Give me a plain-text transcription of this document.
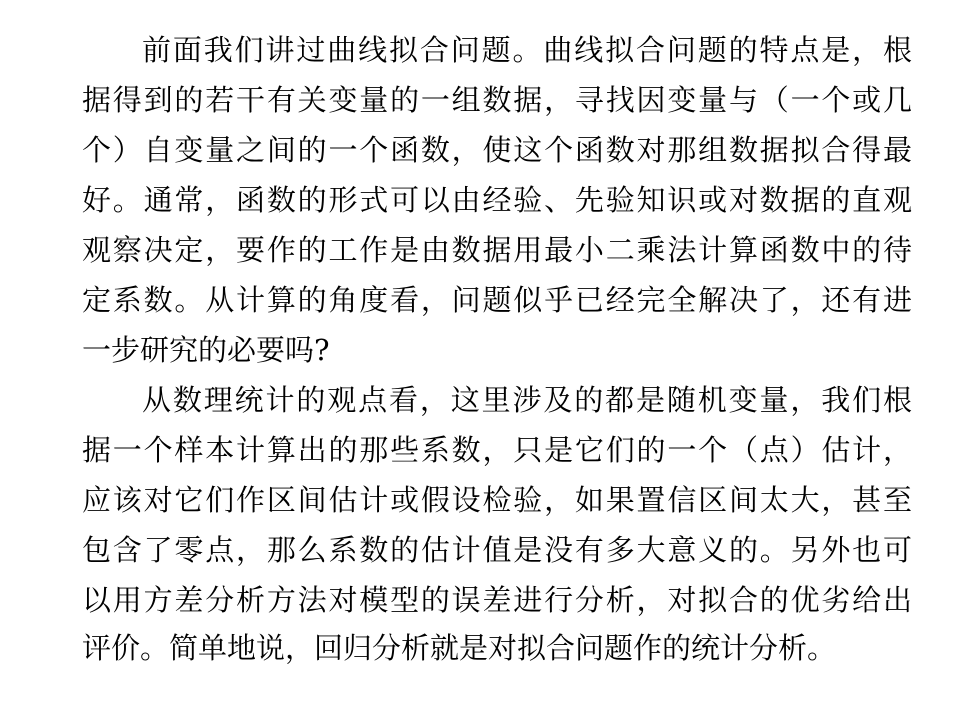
前面我们讲过曲线拟合问题。曲线拟合问题的特点是，根
据得到的若干有关变量的一组数据，寻找因变量与（一个或几
个）自变量之间的一个函数，使这个函数对那组数据拟合得最
好。通常，函数的形式可以由经验、先验知识或对数据的直观
观察决定，要作的工作是由数据用最小二乘法计算函数中的待
定系数。从计算的角度看，问题似乎已经完全解决了，还有进
一步研究的必要吗?
从数理统计的观点看，这里涉及的都是随机变量，我们根
据一个样本计算出的那些系数，只是它们的一个（点）估计，
应该对它们作区间估计或假设检验，如果置信区间太大，甚至
包含了零点，那么系数的估计值是没有多大意义的。另外也可
以用方差分析方法对模型的误差进行分析，对拟合的优劣给出
评价。简单地说，回归分析就是对拟合问题作的统计分析。
